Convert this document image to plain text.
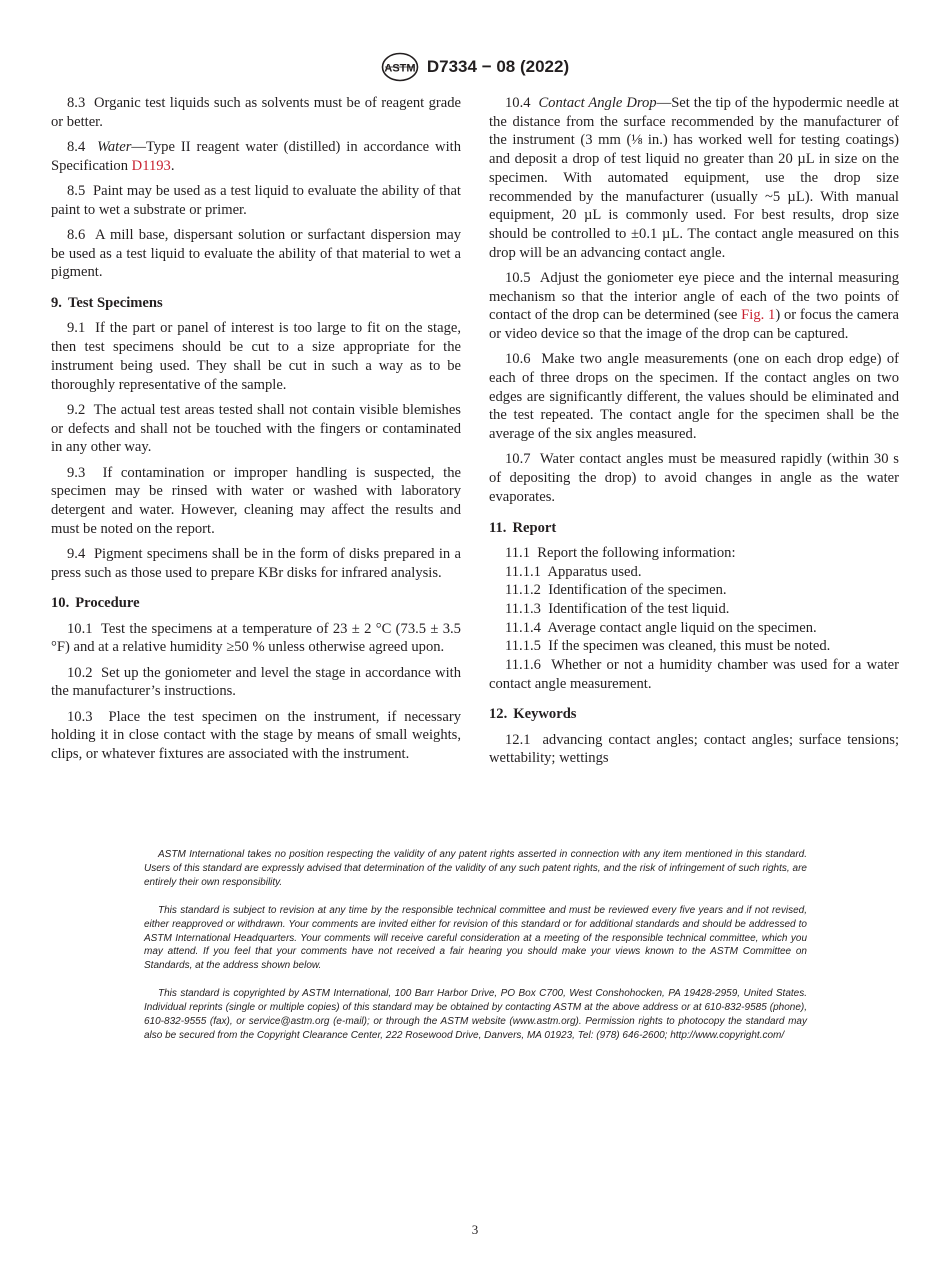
ASTM D7334 − 08 (2022)

8.3 Organic test liquids such as solvents must be of reagent grade or better.

8.4 Water—Type II reagent water (distilled) in accordance with Specification D1193.

8.5 Paint may be used as a test liquid to evaluate the ability of that paint to wet a substrate or primer.

8.6 A mill base, dispersant solution or surfactant dispersion may be used as a test liquid to evaluate the ability of that material to wet a pigment.

9. Test Specimens

9.1 If the part or panel of interest is too large to fit on the stage, then test specimens should be cut to a size appropriate for the instrument being used. They shall be cut in such a way as to be thoroughly representative of the sample.

9.2 The actual test areas tested shall not contain visible blemishes or defects and shall not be touched with the fingers or contaminated in any other way.

9.3 If contamination or improper handling is suspected, the specimen may be rinsed with water or washed with laboratory detergent and water. However, cleaning may affect the results and must be noted on the report.

9.4 Pigment specimens shall be in the form of disks prepared in a press such as those used to prepare KBr disks for infrared analysis.

10. Procedure

10.1 Test the specimens at a temperature of 23 ± 2 °C (73.5 ± 3.5 °F) and at a relative humidity ≥50 % unless otherwise agreed upon.

10.2 Set up the goniometer and level the stage in accordance with the manufacturer’s instructions.

10.3 Place the test specimen on the instrument, if necessary holding it in close contact with the stage by means of small weights, clips, or whatever fixtures are associated with the instrument.

10.4 Contact Angle Drop—Set the tip of the hypodermic needle at the distance from the surface recommended by the manufacturer of the instrument (3 mm (⅛ in.) has worked well for testing coatings) and deposit a drop of test liquid no greater than 20 µL in size on the specimen. With automated equipment, use the drop size recommended by the manufacturer (usually ~5 µL). With manual equipment, 20 µL is commonly used. For best results, drop size should be controlled to ±0.1 µL. The contact angle measured on this drop will be an advancing contact angle.

10.5 Adjust the goniometer eye piece and the internal measuring mechanism so that the interior angle of each of the two points of contact of the drop can be determined (see Fig. 1) or focus the camera or video device so that the image of the drop can be captured.

10.6 Make two angle measurements (one on each drop edge) of each of three drops on the specimen. If the contact angles on two edges are significantly different, the values should be eliminated and the test repeated. The contact angle for the specimen shall be the average of the six angles measured.

10.7 Water contact angles must be measured rapidly (within 30 s of depositing the drop) to avoid changes in angle as the water evaporates.

11. Report

11.1 Report the following information:

11.1.1 Apparatus used.

11.1.2 Identification of the specimen.

11.1.3 Identification of the test liquid.

11.1.4 Average contact angle liquid on the specimen.

11.1.5 If the specimen was cleaned, this must be noted.

11.1.6 Whether or not a humidity chamber was used for a water contact angle measurement.

12. Keywords

12.1 advancing contact angles; contact angles; surface tensions; wettability; wettings

ASTM International takes no position respecting the validity of any patent rights asserted in connection with any item mentioned in this standard. Users of this standard are expressly advised that determination of the validity of any such patent rights, and the risk of infringement of such rights, are entirely their own responsibility.

This standard is subject to revision at any time by the responsible technical committee and must be reviewed every five years and if not revised, either reapproved or withdrawn. Your comments are invited either for revision of this standard or for additional standards and should be addressed to ASTM International Headquarters. Your comments will receive careful consideration at a meeting of the responsible technical committee, which you may attend. If you feel that your comments have not received a fair hearing you should make your views known to the ASTM Committee on Standards, at the address shown below.

This standard is copyrighted by ASTM International, 100 Barr Harbor Drive, PO Box C700, West Conshohocken, PA 19428-2959, United States. Individual reprints (single or multiple copies) of this standard may be obtained by contacting ASTM at the above address or at 610-832-9585 (phone), 610-832-9555 (fax), or service@astm.org (e-mail); or through the ASTM website (www.astm.org). Permission rights to photocopy the standard may also be secured from the Copyright Clearance Center, 222 Rosewood Drive, Danvers, MA 01923, Tel: (978) 646-2600; http://www.copyright.com/

3
